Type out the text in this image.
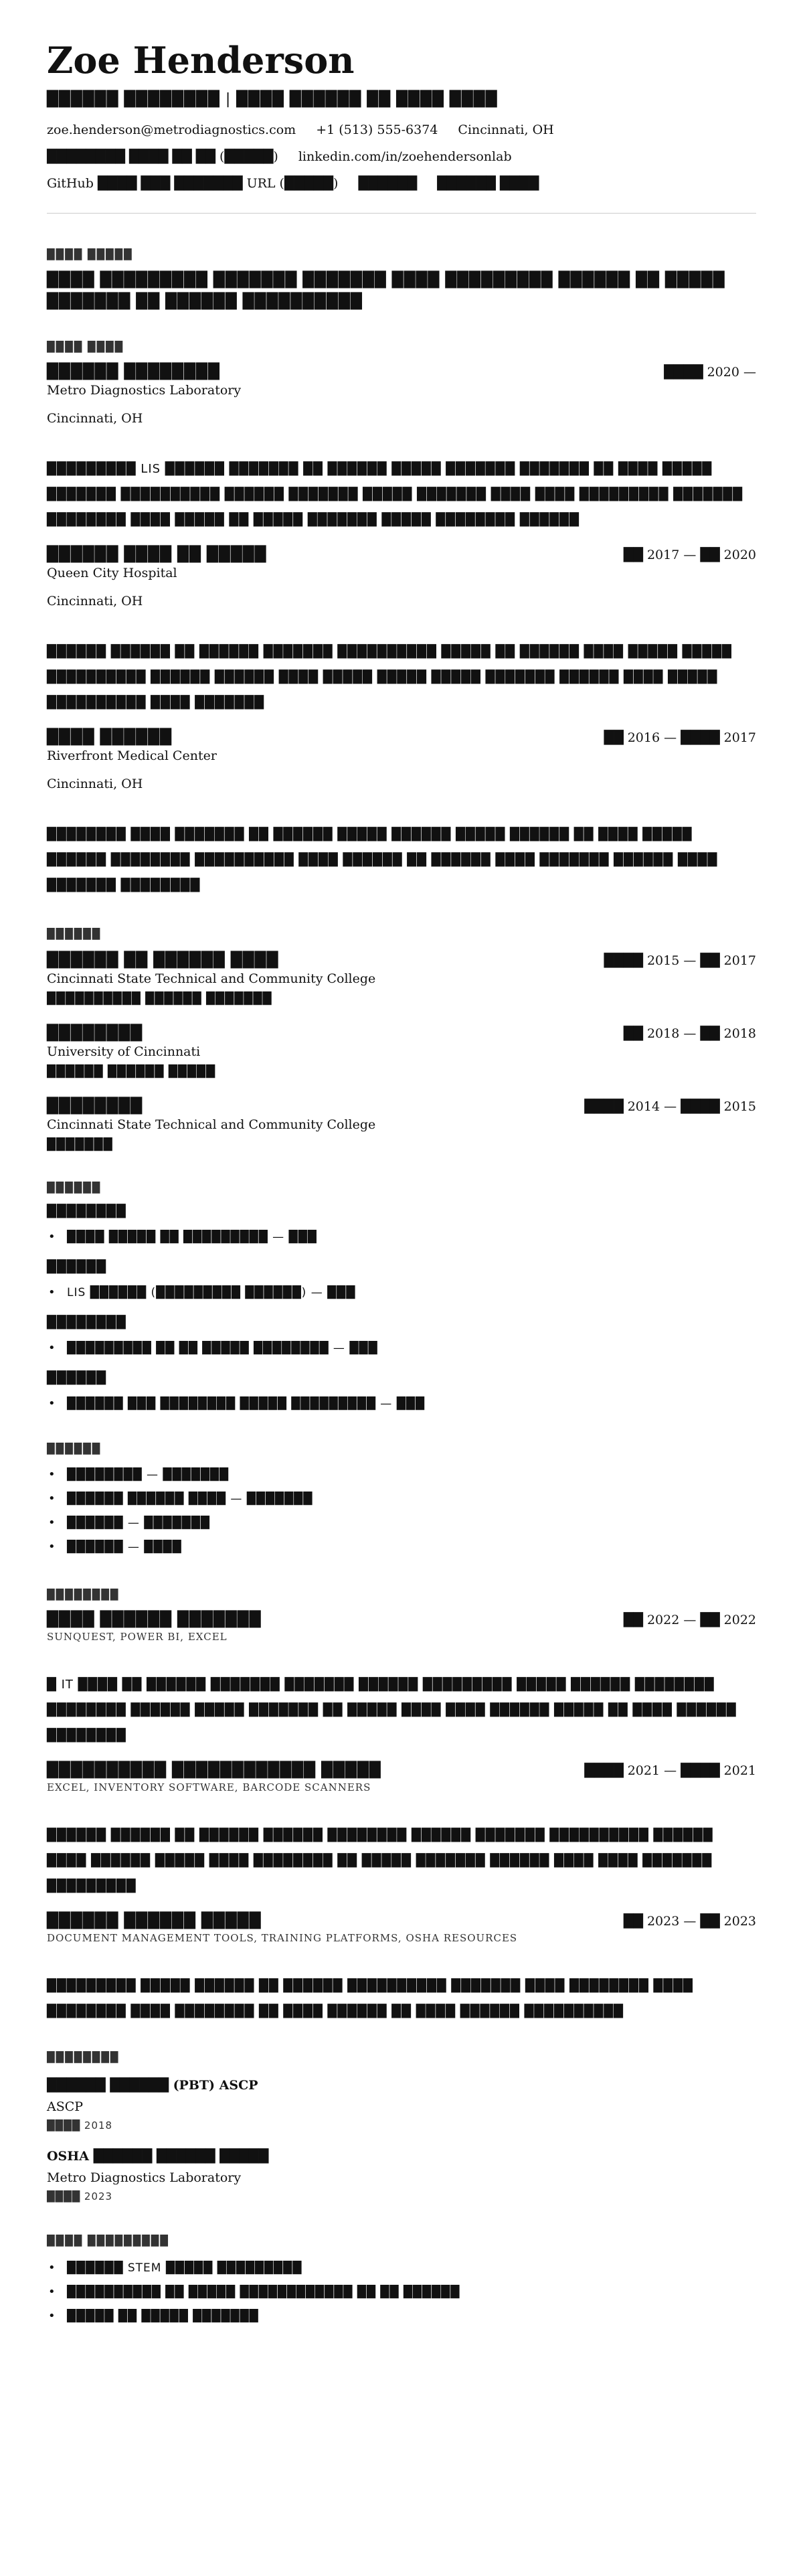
Zoe Henderson
██████ ████████ | ████ ██████ ██ ████ ████
zoe.henderson@metrodiagnostics.com +1 (513) 555-6374 Cincinnati, OH
████████ ████ ██ ██ (█████) linkedin.com/in/zoehendersonlab
GitHub ████ ███ ███████ URL (█████) ██████ ██████ ████
████ █████
████ █████████ ███████ ███████ ████ █████████ ██████ ██ █████ ███████ ██ ██████ ██████████
████ ████
██████ ████████	████ 2020 —
Metro Diagnostics Laboratory
Cincinnati, OH
█████████ LIS ██████ ███████ ██ ██████ █████ ███████ ███████ ██ ████ █████ ███████ ██████████ ██████ ███████ █████ ███████ ████ ████ █████████ ███████ ████████ ████ █████ ██ █████ ███████ █████ ████████ ██████
██████ ████ ██ █████	██ 2017 — ██ 2020
Queen City Hospital
Cincinnati, OH
██████ ██████ ██ ██████ ███████ ██████████ █████ ██ ██████ ████ █████ █████ ██████████ ██████ ██████ ████ █████ █████ █████ ███████ ██████ ████ █████ ██████████ ████ ███████
████ ██████	██ 2016 — ████ 2017
Riverfront Medical Center
Cincinnati, OH
████████ ████ ███████ ██ ██████ █████ ██████ █████ ██████ ██ ████ █████ ██████ ████████ ██████████ ████ ██████ ██ ██████ ████ ███████ ██████ ████ ███████ ████████
██████
██████ ██ ██████ ████	████ 2015 — ██ 2017
Cincinnati State Technical and Community College
██████████ ██████ ███████
████████	██ 2018 — ██ 2018
University of Cincinnati
██████ ██████ █████
████████	████ 2014 — ████ 2015
Cincinnati State Technical and Community College
███████
██████
████████
• ████ █████ ██ █████████ — ███
██████
• LIS ██████ (█████████ ██████) — ███
████████
• █████████ ██ ██ █████ ████████ — ███
██████
• ██████ ███ ████████ █████ █████████ — ███
██████
• ████████ — ███████
• ██████ ██████ ████ — ███████
• ██████ — ███████
• ██████ — ████
████████
████ ██████ ███████	██ 2022 — ██ 2022
SUNQUEST, POWER BI, EXCEL
█ IT ████ ██ ██████ ███████ ███████ ██████ █████████ █████ ██████ ████████ ████████ ██████ █████ ███████ ██ █████ ████ ████ ██████ █████ ██ ████ ██████ ████████
██████████ ████████████ █████	████ 2021 — ████ 2021
EXCEL, INVENTORY SOFTWARE, BARCODE SCANNERS
██████ ██████ ██ ██████ ██████ ████████ ██████ ███████ ██████████ ██████ ████ ██████ █████ ████ ████████ ██ █████ ███████ ██████ ████ ████ ███████ █████████
██████ ██████ █████	██ 2023 — ██ 2023
DOCUMENT MANAGEMENT TOOLS, TRAINING PLATFORMS, OSHA RESOURCES
█████████ █████ ██████ ██ ██████ ██████████ ███████ ████ ████████ ████ ████████ ████ ████████ ██ ████ ██████ ██ ████ ██████ ██████████
████████
██████ ██████ (PBT) ASCP
ASCP
████ 2018
OSHA ██████ ██████ █████
Metro Diagnostics Laboratory
████ 2023
████ █████████
• ██████ STEM █████ █████████
• ██████████ ██ █████ ████████████ ██ ██ ██████
• █████ ██ █████ ███████
